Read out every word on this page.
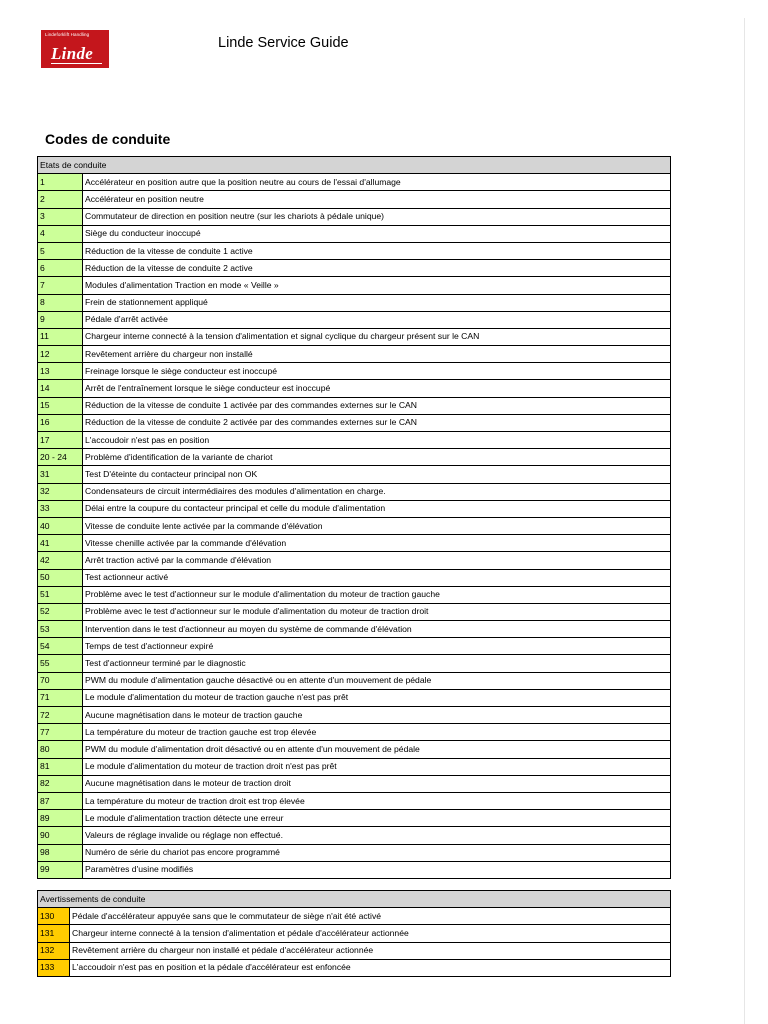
Lindeforklift Handling
Linde
Linde Service Guide
Codes de conduite
Etats de conduite	
1	Accélérateur en position autre que la position neutre au cours de l'essai d'allumage
2	Accélérateur en position neutre
3	Commutateur de direction en position neutre (sur les chariots à pédale unique)
4	Siège du conducteur inoccupé
5	Réduction de la vitesse de conduite 1 active
6	Réduction de la vitesse de conduite 2 active
7	Modules d'alimentation Traction en mode « Veille »
8	Frein de stationnement appliqué
9	Pédale d'arrêt activée
11	Chargeur interne connecté à la tension d'alimentation et signal cyclique du chargeur présent sur le CAN
12	Revêtement arrière du chargeur non installé
13	Freinage lorsque le siège conducteur est inoccupé
14	Arrêt de l'entraînement lorsque le siège conducteur est inoccupé
15	Réduction de la vitesse de conduite 1 activée par des commandes externes sur le CAN
16	Réduction de la vitesse de conduite 2 activée par des commandes externes sur le CAN
17	L'accoudoir n'est pas en position
20 - 24	Problème d'identification de la variante de chariot
31	Test D'éteinte du contacteur principal non OK
32	Condensateurs de circuit intermédiaires des modules d'alimentation en charge.
33	Délai entre la coupure du contacteur principal et celle du module d'alimentation
40	Vitesse de conduite lente activée par la commande d'élévation
41	Vitesse chenille activée par la commande d'élévation
42	Arrêt traction activé par la commande d'élévation
50	Test actionneur activé
51	Problème avec le test d'actionneur sur le module d'alimentation du moteur de traction gauche
52	Problème avec le test d'actionneur sur le module d'alimentation du moteur de traction droit
53	Intervention dans le test d'actionneur au moyen du système de commande d'élévation
54	Temps de test d'actionneur expiré
55	Test d'actionneur terminé par le diagnostic
70	PWM du module d'alimentation gauche désactivé ou en attente d'un mouvement de pédale
71	Le module d'alimentation du moteur de traction gauche n'est pas prêt
72	Aucune magnétisation dans le moteur de traction gauche
77	La température du moteur de traction gauche est trop élevée
80	PWM du module d'alimentation droit désactivé ou en attente d'un mouvement de pédale
81	Le module d'alimentation du moteur de traction droit n'est pas prêt
82	Aucune magnétisation dans le moteur de traction droit
87	La température du moteur de traction droit est trop élevée
89	Le module d'alimentation traction détecte une erreur
90	Valeurs de réglage invalide ou réglage non effectué.
98	Numéro de série du chariot pas encore programmé
99	Paramètres d'usine modifiés
Avertissements de conduite	
130	Pédale d'accélérateur appuyée sans que le commutateur de siège n'ait été activé
131	Chargeur interne connecté à la tension d'alimentation et pédale d'accélérateur actionnée
132	Revêtement arrière du chargeur non installé et pédale d'accélérateur actionnée
133	L'accoudoir n'est pas en position et la pédale d'accélérateur est enfoncée
